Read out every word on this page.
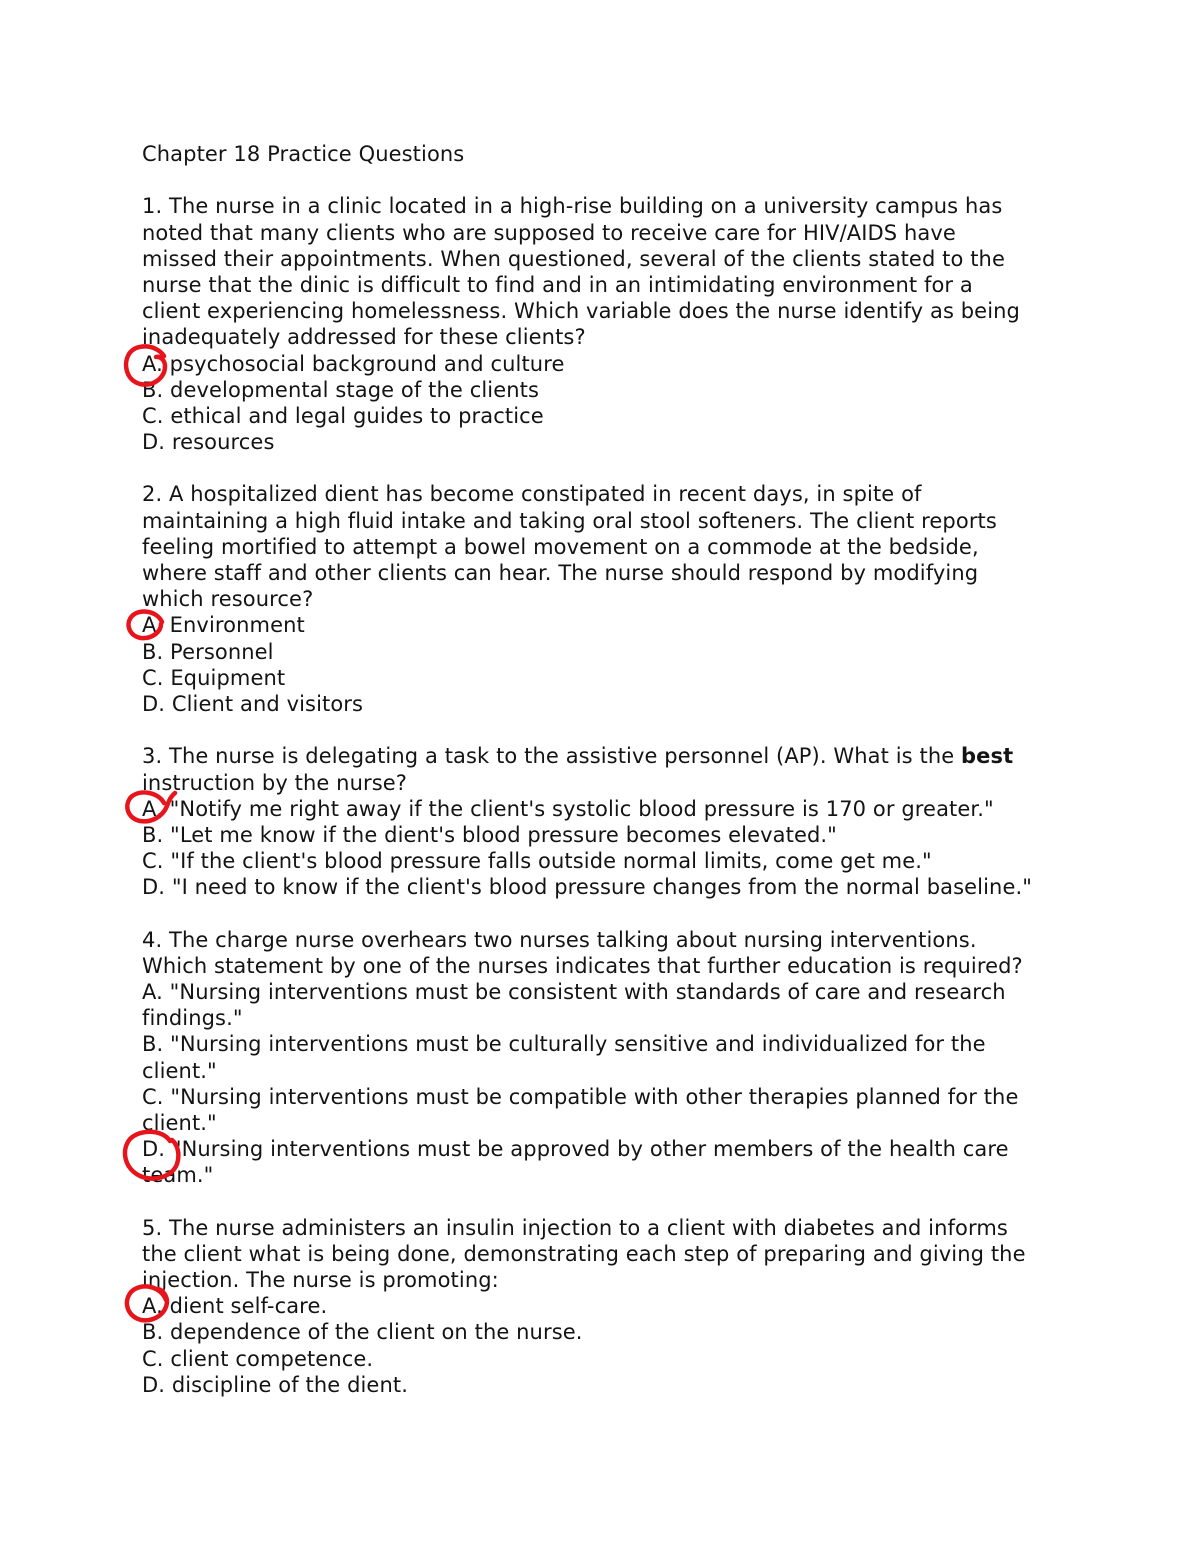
Chapter 18 Practice Questions
1. The nurse in a clinic located in a high-rise building on a university campus has
noted that many clients who are supposed to receive care for HIV/AIDS have
missed their appointments. When questioned, several of the clients stated to the
nurse that the dinic is difficult to find and in an intimidating environment for a
client experiencing homelessness. Which variable does the nurse identify as being
inadequately addressed for these clients?
A. psychosocial background and culture
B. developmental stage of the clients
C. ethical and legal guides to practice
D. resources
2. A hospitalized dient has become constipated in recent days, in spite of
maintaining a high fluid intake and taking oral stool softeners. The client reports
feeling mortified to attempt a bowel movement on a commode at the bedside,
where staff and other clients can hear. The nurse should respond by modifying
which resource?
A. Environment
B. Personnel
C. Equipment
D. Client and visitors
3. The nurse is delegating a task to the assistive personnel (AP). What is the best
instruction by the nurse?
A. "Notify me right away if the client's systolic blood pressure is 170 or greater."
B. "Let me know if the dient's blood pressure becomes elevated."
C. "If the client's blood pressure falls outside normal limits, come get me."
D. "I need to know if the client's blood pressure changes from the normal baseline."
4. The charge nurse overhears two nurses talking about nursing interventions.
Which statement by one of the nurses indicates that further education is required?
A. "Nursing interventions must be consistent with standards of care and research
findings."
B. "Nursing interventions must be culturally sensitive and individualized for the
client."
C. "Nursing interventions must be compatible with other therapies planned for the
client."
D. "Nursing interventions must be approved by other members of the health care
team."
5. The nurse administers an insulin injection to a client with diabetes and informs
the client what is being done, demonstrating each step of preparing and giving the
injection. The nurse is promoting:
A. dient self-care.
B. dependence of the client on the nurse.
C. client competence.
D. discipline of the dient.
